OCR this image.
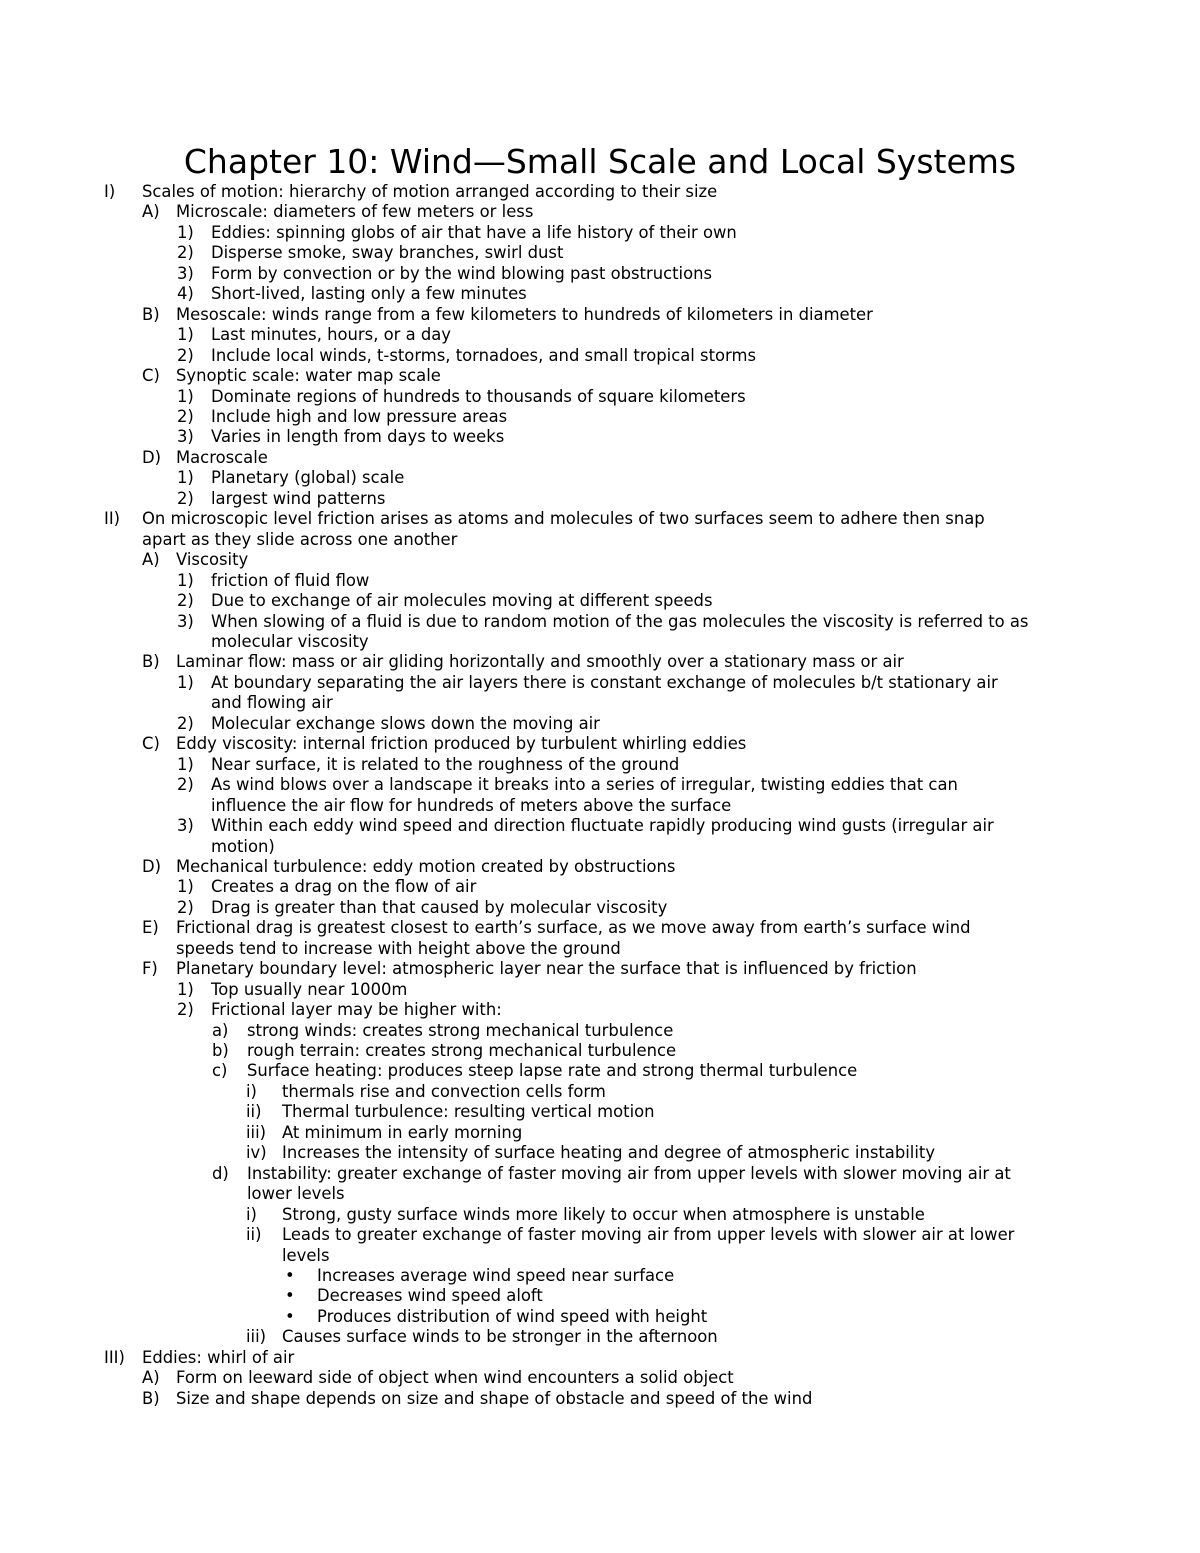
Chapter 10: Wind—Small Scale and Local Systems
I) Scales of motion: hierarchy of motion arranged according to their size
A) Microscale: diameters of few meters or less
1) Eddies: spinning globs of air that have a life history of their own
2) Disperse smoke, sway branches, swirl dust
3) Form by convection or by the wind blowing past obstructions
4) Short-lived, lasting only a few minutes
B) Mesoscale: winds range from a few kilometers to hundreds of kilometers in diameter
1) Last minutes, hours, or a day
2) Include local winds, t-storms, tornadoes, and small tropical storms
C) Synoptic scale: water map scale
1) Dominate regions of hundreds to thousands of square kilometers
2) Include high and low pressure areas
3) Varies in length from days to weeks
D) Macroscale
1) Planetary (global) scale
2) largest wind patterns
II) On microscopic level friction arises as atoms and molecules of two surfaces seem to adhere then snap
apart as they slide across one another
A) Viscosity
1) friction of fluid flow
2) Due to exchange of air molecules moving at different speeds
3) When slowing of a fluid is due to random motion of the gas molecules the viscosity is referred to as
molecular viscosity
B) Laminar flow: mass or air gliding horizontally and smoothly over a stationary mass or air
1) At boundary separating the air layers there is constant exchange of molecules b/t stationary air
and flowing air
2) Molecular exchange slows down the moving air
C) Eddy viscosity: internal friction produced by turbulent whirling eddies
1) Near surface, it is related to the roughness of the ground
2) As wind blows over a landscape it breaks into a series of irregular, twisting eddies that can
influence the air flow for hundreds of meters above the surface
3) Within each eddy wind speed and direction fluctuate rapidly producing wind gusts (irregular air
motion)
D) Mechanical turbulence: eddy motion created by obstructions
1) Creates a drag on the flow of air
2) Drag is greater than that caused by molecular viscosity
E) Frictional drag is greatest closest to earth’s surface, as we move away from earth’s surface wind
speeds tend to increase with height above the ground
F) Planetary boundary level: atmospheric layer near the surface that is influenced by friction
1) Top usually near 1000m
2) Frictional layer may be higher with:
a) strong winds: creates strong mechanical turbulence
b) rough terrain: creates strong mechanical turbulence
c) Surface heating: produces steep lapse rate and strong thermal turbulence
i) thermals rise and convection cells form
ii) Thermal turbulence: resulting vertical motion
iii) At minimum in early morning
iv) Increases the intensity of surface heating and degree of atmospheric instability
d) Instability: greater exchange of faster moving air from upper levels with slower moving air at
lower levels
i) Strong, gusty surface winds more likely to occur when atmosphere is unstable
ii) Leads to greater exchange of faster moving air from upper levels with slower air at lower
levels
• Increases average wind speed near surface
• Decreases wind speed aloft
• Produces distribution of wind speed with height
iii) Causes surface winds to be stronger in the afternoon
III) Eddies: whirl of air
A) Form on leeward side of object when wind encounters a solid object
B) Size and shape depends on size and shape of obstacle and speed of the wind
